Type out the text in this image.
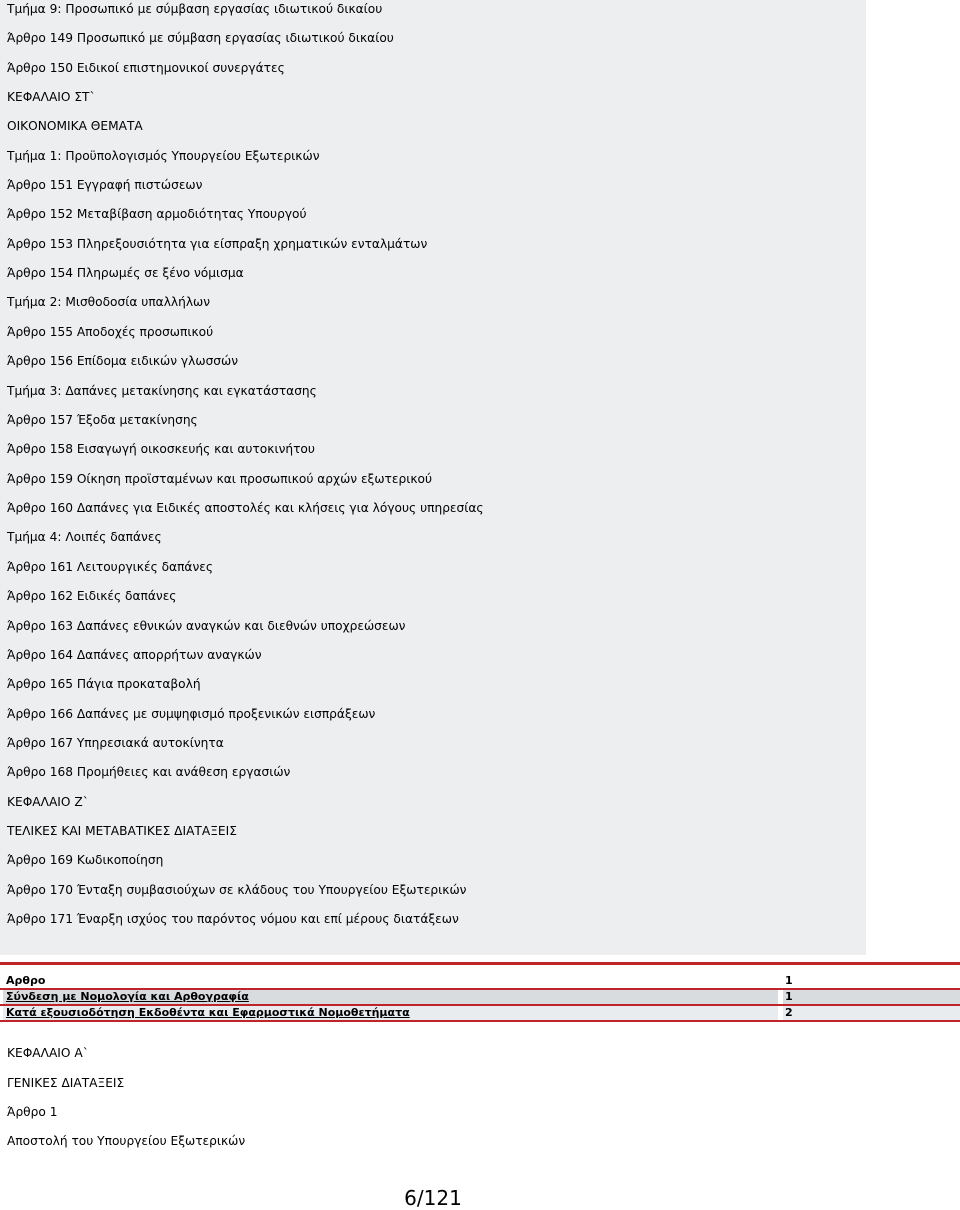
Τμήμα 9: Προσωπικό με σύμβαση εργασίας ιδιωτικού δικαίου
Άρθρο 149 Προσωπικό με σύμβαση εργασίας ιδιωτικού δικαίου
Άρθρο 150 Ειδικοί επιστημονικοί συνεργάτες
ΚΕΦΑΛΑΙΟ ΣΤ`
ΟΙΚΟΝΟΜΙΚΑ ΘΕΜΑΤΑ
Τμήμα 1: Προϋπολογισμός Υπουργείου Εξωτερικών
Άρθρο 151 Εγγραφή πιστώσεων
Άρθρο 152 Μεταβίβαση αρμοδιότητας Υπουργού
Άρθρο 153 Πληρεξουσιότητα για είσπραξη χρηματικών ενταλμάτων
Άρθρο 154 Πληρωμές σε ξένο νόμισμα
Τμήμα 2: Μισθοδοσία υπαλλήλων
Άρθρο 155 Αποδοχές προσωπικού
Άρθρο 156 Επίδομα ειδικών γλωσσών
Τμήμα 3: Δαπάνες μετακίνησης και εγκατάστασης
Άρθρο 157 Έξοδα μετακίνησης
Άρθρο 158 Εισαγωγή οικοσκευής και αυτοκινήτου
Άρθρο 159 Οίκηση προϊσταμένων και προσωπικού αρχών εξωτερικού
Άρθρο 160 Δαπάνες για Ειδικές αποστολές και κλήσεις για λόγους υπηρεσίας
Τμήμα 4: Λοιπές δαπάνες
Άρθρο 161 Λειτουργικές δαπάνες
Άρθρο 162 Ειδικές δαπάνες
Άρθρο 163 Δαπάνες εθνικών αναγκών και διεθνών υποχρεώσεων
Άρθρο 164 Δαπάνες απορρήτων αναγκών
Άρθρο 165 Πάγια προκαταβολή
Άρθρο 166 Δαπάνες με συμψηφισμό προξενικών εισπράξεων
Άρθρο 167 Υπηρεσιακά αυτοκίνητα
Άρθρο 168 Προμήθειες και ανάθεση εργασιών
ΚΕΦΑΛΑΙΟ Ζ`
ΤΕΛΙΚΕΣ ΚΑΙ ΜΕΤΑΒΑΤΙΚΕΣ ΔΙΑΤΑΞΕΙΣ
Άρθρο 169 Κωδικοποίηση
Άρθρο 170 Ένταξη συμβασιούχων σε κλάδους του Υπουργείου Εξωτερικών
Άρθρο 171 Έναρξη ισχύος του παρόντος νόμου και επί μέρους διατάξεων
Αρθρο	1
Σύνδεση με Νομολογία και Αρθογραφία	1
Κατά εξουσιοδότηση Εκδοθέντα και Εφαρμοστικά Νομοθετήματα	2
ΚΕΦΑΛΑΙΟ Α`
ΓΕΝΙΚΕΣ ΔΙΑΤΑΞΕΙΣ
Άρθρο 1
Αποστολή του Υπουργείου Εξωτερικών
6/121
